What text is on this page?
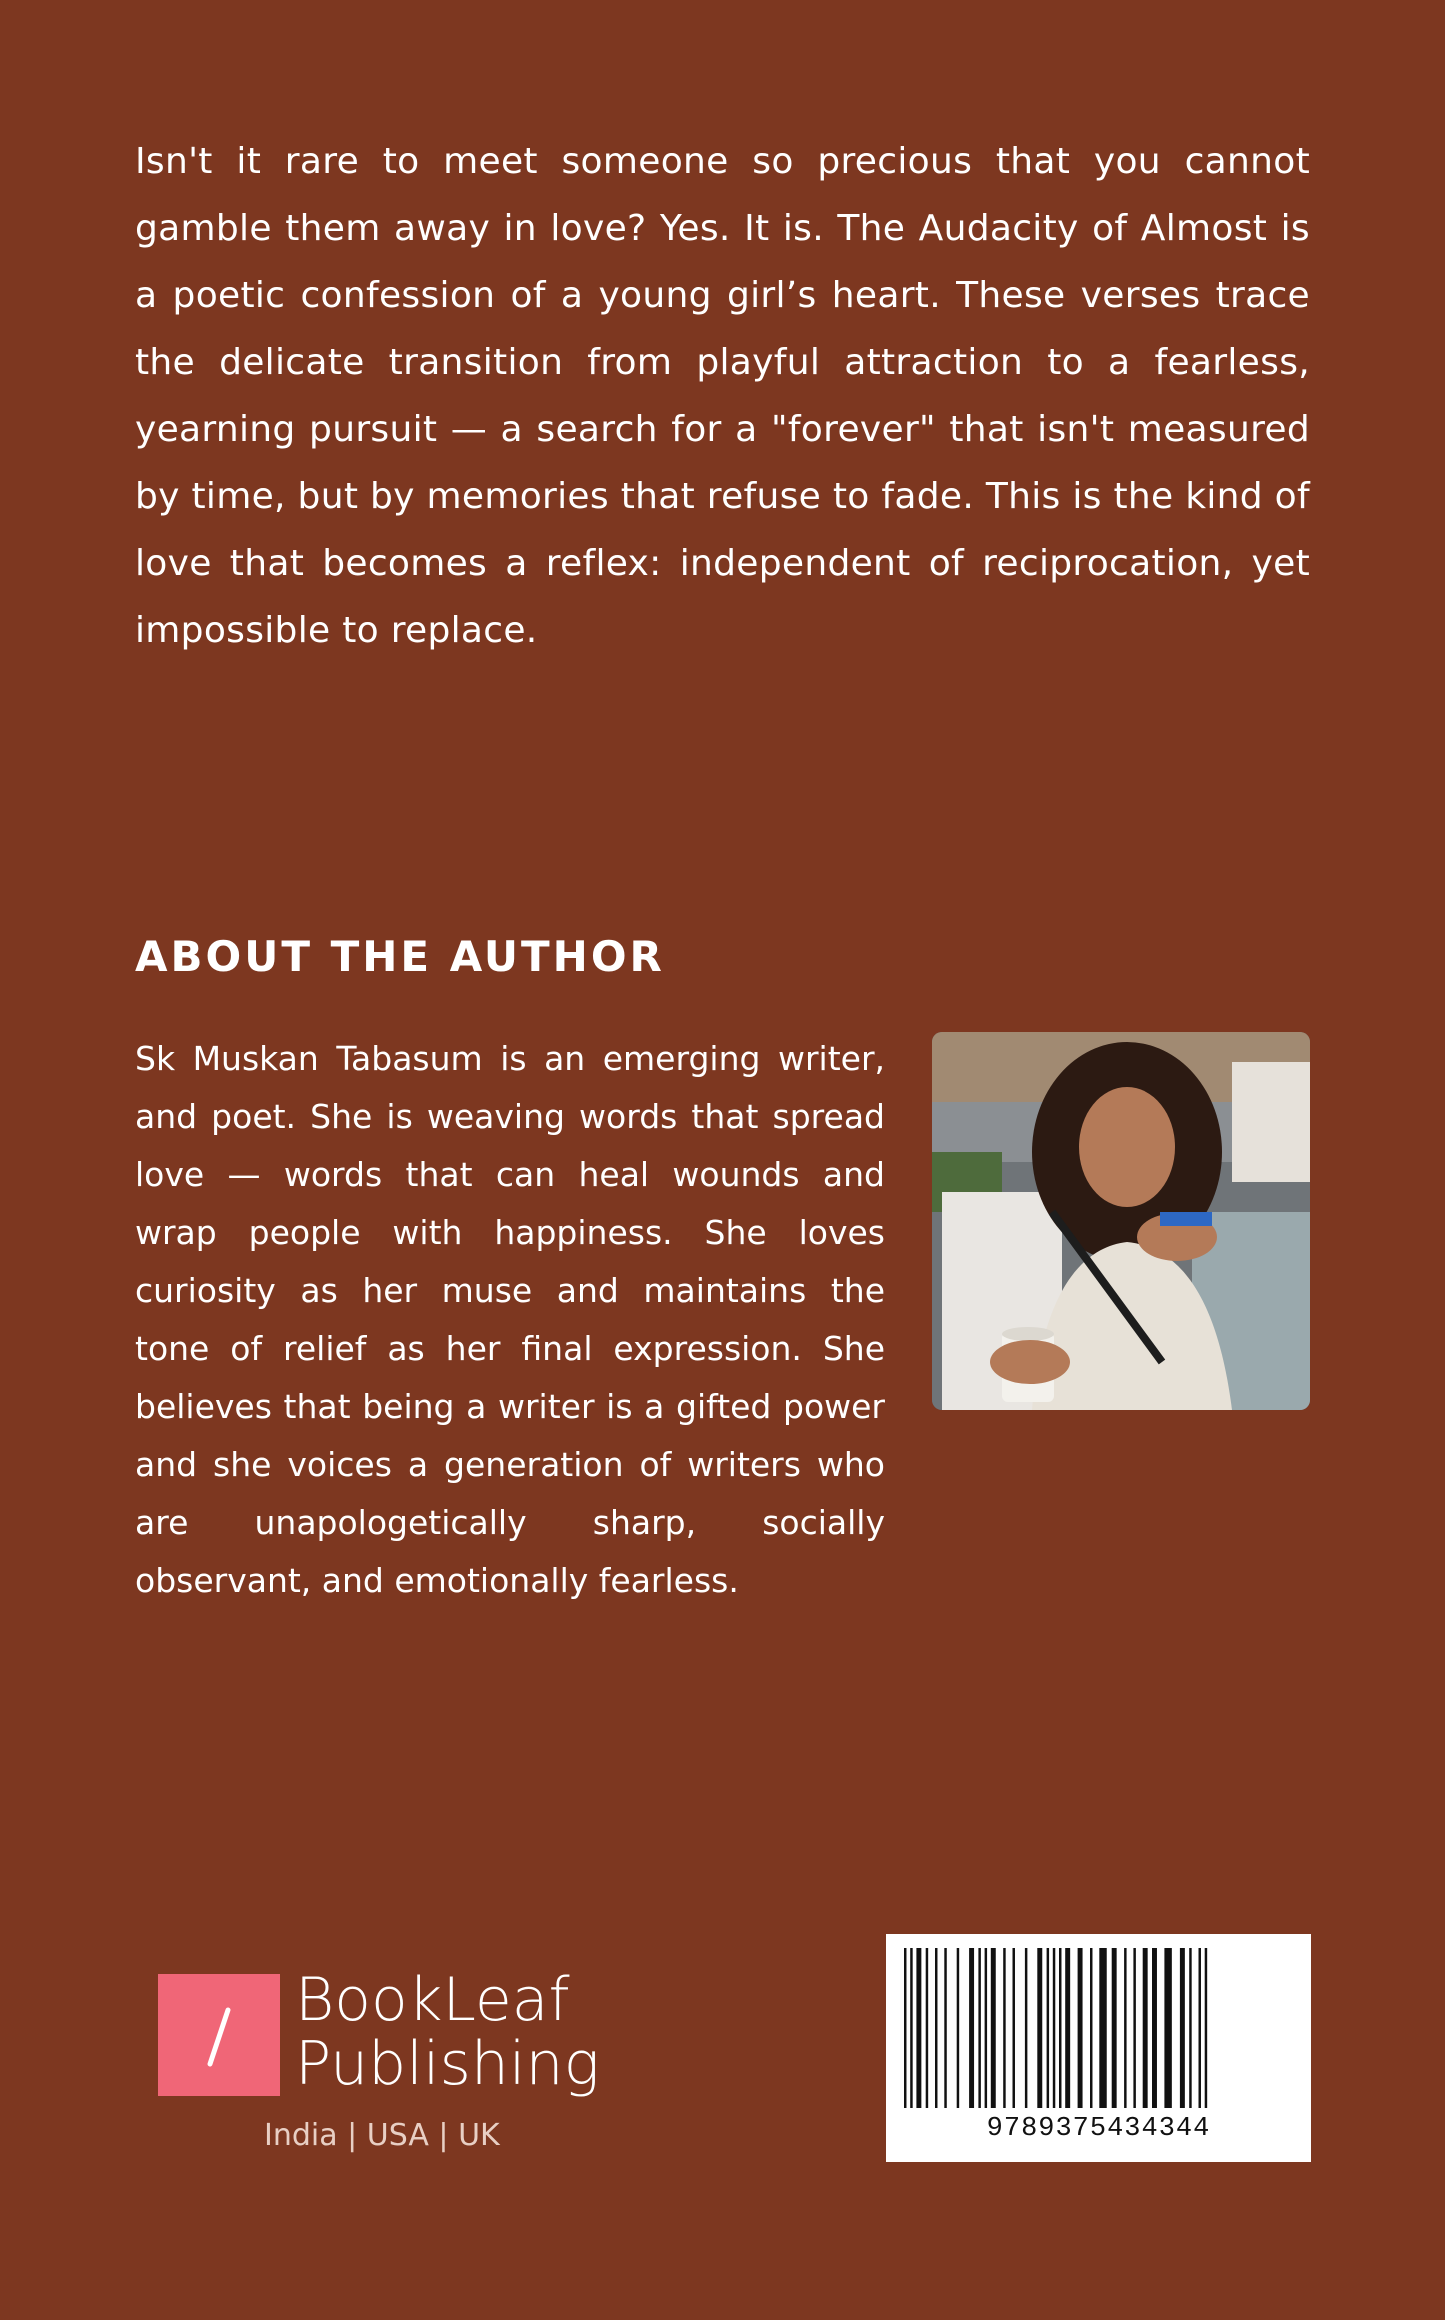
Isn't it rare to meet someone so precious that you cannot gamble them away in love? Yes. It is. The Audacity of Almost is a poetic confession of a young girl’s heart. These verses trace the delicate transition from playful attraction to a fearless, yearning pursuit — a search for a "forever" that isn't measured by time, but by memories that refuse to fade. This is the kind of love that becomes a reflex: independent of reciprocation, yet impossible to replace.

ABOUT THE AUTHOR

Sk Muskan Tabasum is an emerging writer, and poet. She is weaving words that spread love — words that can heal wounds and wrap people with happiness. She loves curiosity as her muse and maintains the tone of relief as her final expression. She believes that being a writer is a gifted power and she voices a generation of writers who are unapologetically sharp, socially observant, and emotionally fearless.

BookLeaf
Publishing
India | USA | UK	9789375434344
